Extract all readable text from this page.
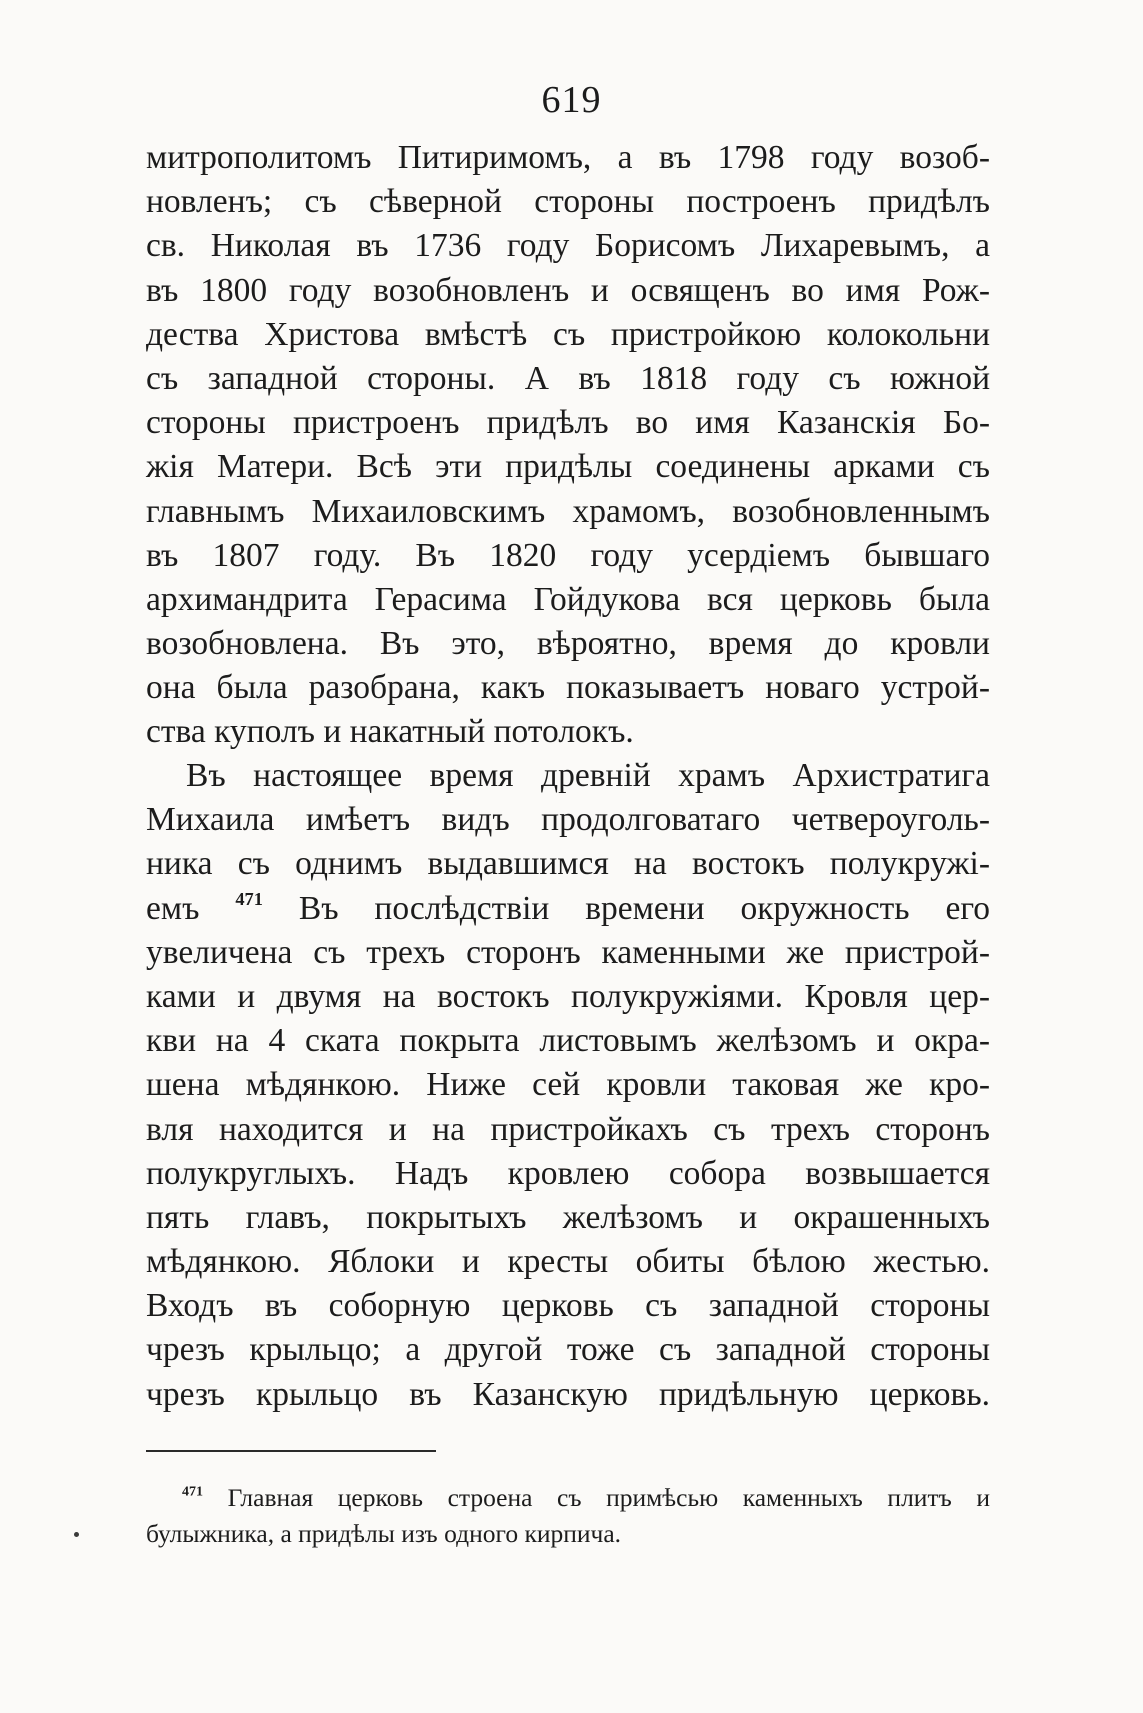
619
митрополитомъ Питиримомъ, а въ 1798 году возоб-
новленъ; съ сѣверной стороны построенъ придѣлъ
св. Николая въ 1736 году Борисомъ Лихаревымъ, а
въ 1800 году возобновленъ и освященъ во имя Рож-
дества Христова вмѣстѣ съ пристройкою колокольни
съ западной стороны. А въ 1818 году съ южной
стороны пристроенъ придѣлъ во имя Казанскія Бо-
жія Матери. Всѣ эти придѣлы соединены арками съ
главнымъ Михаиловскимъ храмомъ, возобновленнымъ
въ 1807 году. Въ 1820 году усердіемъ бывшаго
архимандрита Герасима Гойдукова вся церковь была
возобновлена. Въ это, вѣроятно, время до кровли
она была разобрана, какъ показываетъ новаго устрой-
ства куполъ и накатный потолокъ.
Въ настоящее время древній храмъ Архистратига
Михаила имѣетъ видъ продолговатаго четвероуголь-
ника съ однимъ выдавшимся на востокъ полукружі-
емъ $^{471}$ Въ послѣдствіи времени окружность его
увеличена съ трехъ сторонъ каменными же пристрой-
ками и двумя на востокъ полукружіями. Кровля цер-
кви на 4 ската покрыта листовымъ желѣзомъ и окра-
шена мѣдянкою. Ниже сей кровли таковая же кро-
вля находится и на пристройкахъ съ трехъ сторонъ
полукруглыхъ. Надъ кровлею собора возвышается
пять главъ, покрытыхъ желѣзомъ и окрашенныхъ
мѣдянкою. Яблоки и кресты обиты бѣлою жестью.
Входъ въ соборную церковь съ западной стороны
чрезъ крыльцо; а другой тоже съ западной стороны
чрезъ крыльцо въ Казанскую придѣльную церковь.
$^{471}$ Главная церковь строена съ примѣсью каменныхъ плитъ и
булыжника, а придѣлы изъ одного кирпича.
